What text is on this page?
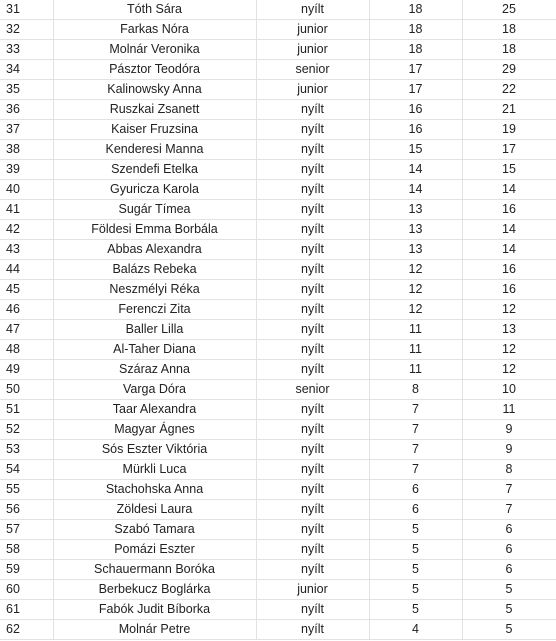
31	Tóth Sára	nyílt	18	25
32	Farkas Nóra	junior	18	18
33	Molnár Veronika	junior	18	18
34	Pásztor Teodóra	senior	17	29
35	Kalinowsky Anna	junior	17	22
36	Ruszkai Zsanett	nyílt	16	21
37	Kaiser Fruzsina	nyílt	16	19
38	Kenderesi Manna	nyílt	15	17
39	Szendefi Etelka	nyílt	14	15
40	Gyuricza Karola	nyílt	14	14
41	Sugár Tímea	nyílt	13	16
42	Földesi Emma Borbála	nyílt	13	14
43	Abbas Alexandra	nyílt	13	14
44	Balázs Rebeka	nyílt	12	16
45	Neszmélyi Réka	nyílt	12	16
46	Ferenczi Zita	nyílt	12	12
47	Baller Lilla	nyílt	11	13
48	Al-Taher Diana	nyílt	11	12
49	Száraz Anna	nyílt	11	12
50	Varga Dóra	senior	8	10
51	Taar Alexandra	nyílt	7	11
52	Magyar Ágnes	nyílt	7	9
53	Sós Eszter Viktória	nyílt	7	9
54	Mürkli Luca	nyílt	7	8
55	Stachohska Anna	nyílt	6	7
56	Zöldesi Laura	nyílt	6	7
57	Szabó Tamara	nyílt	5	6
58	Pomázi Eszter	nyílt	5	6
59	Schauermann Boróka	nyílt	5	6
60	Berbekucz Boglárka	junior	5	5
61	Fabók Judit Bíborka	nyílt	5	5
62	Molnár Petre	nyílt	4	5
